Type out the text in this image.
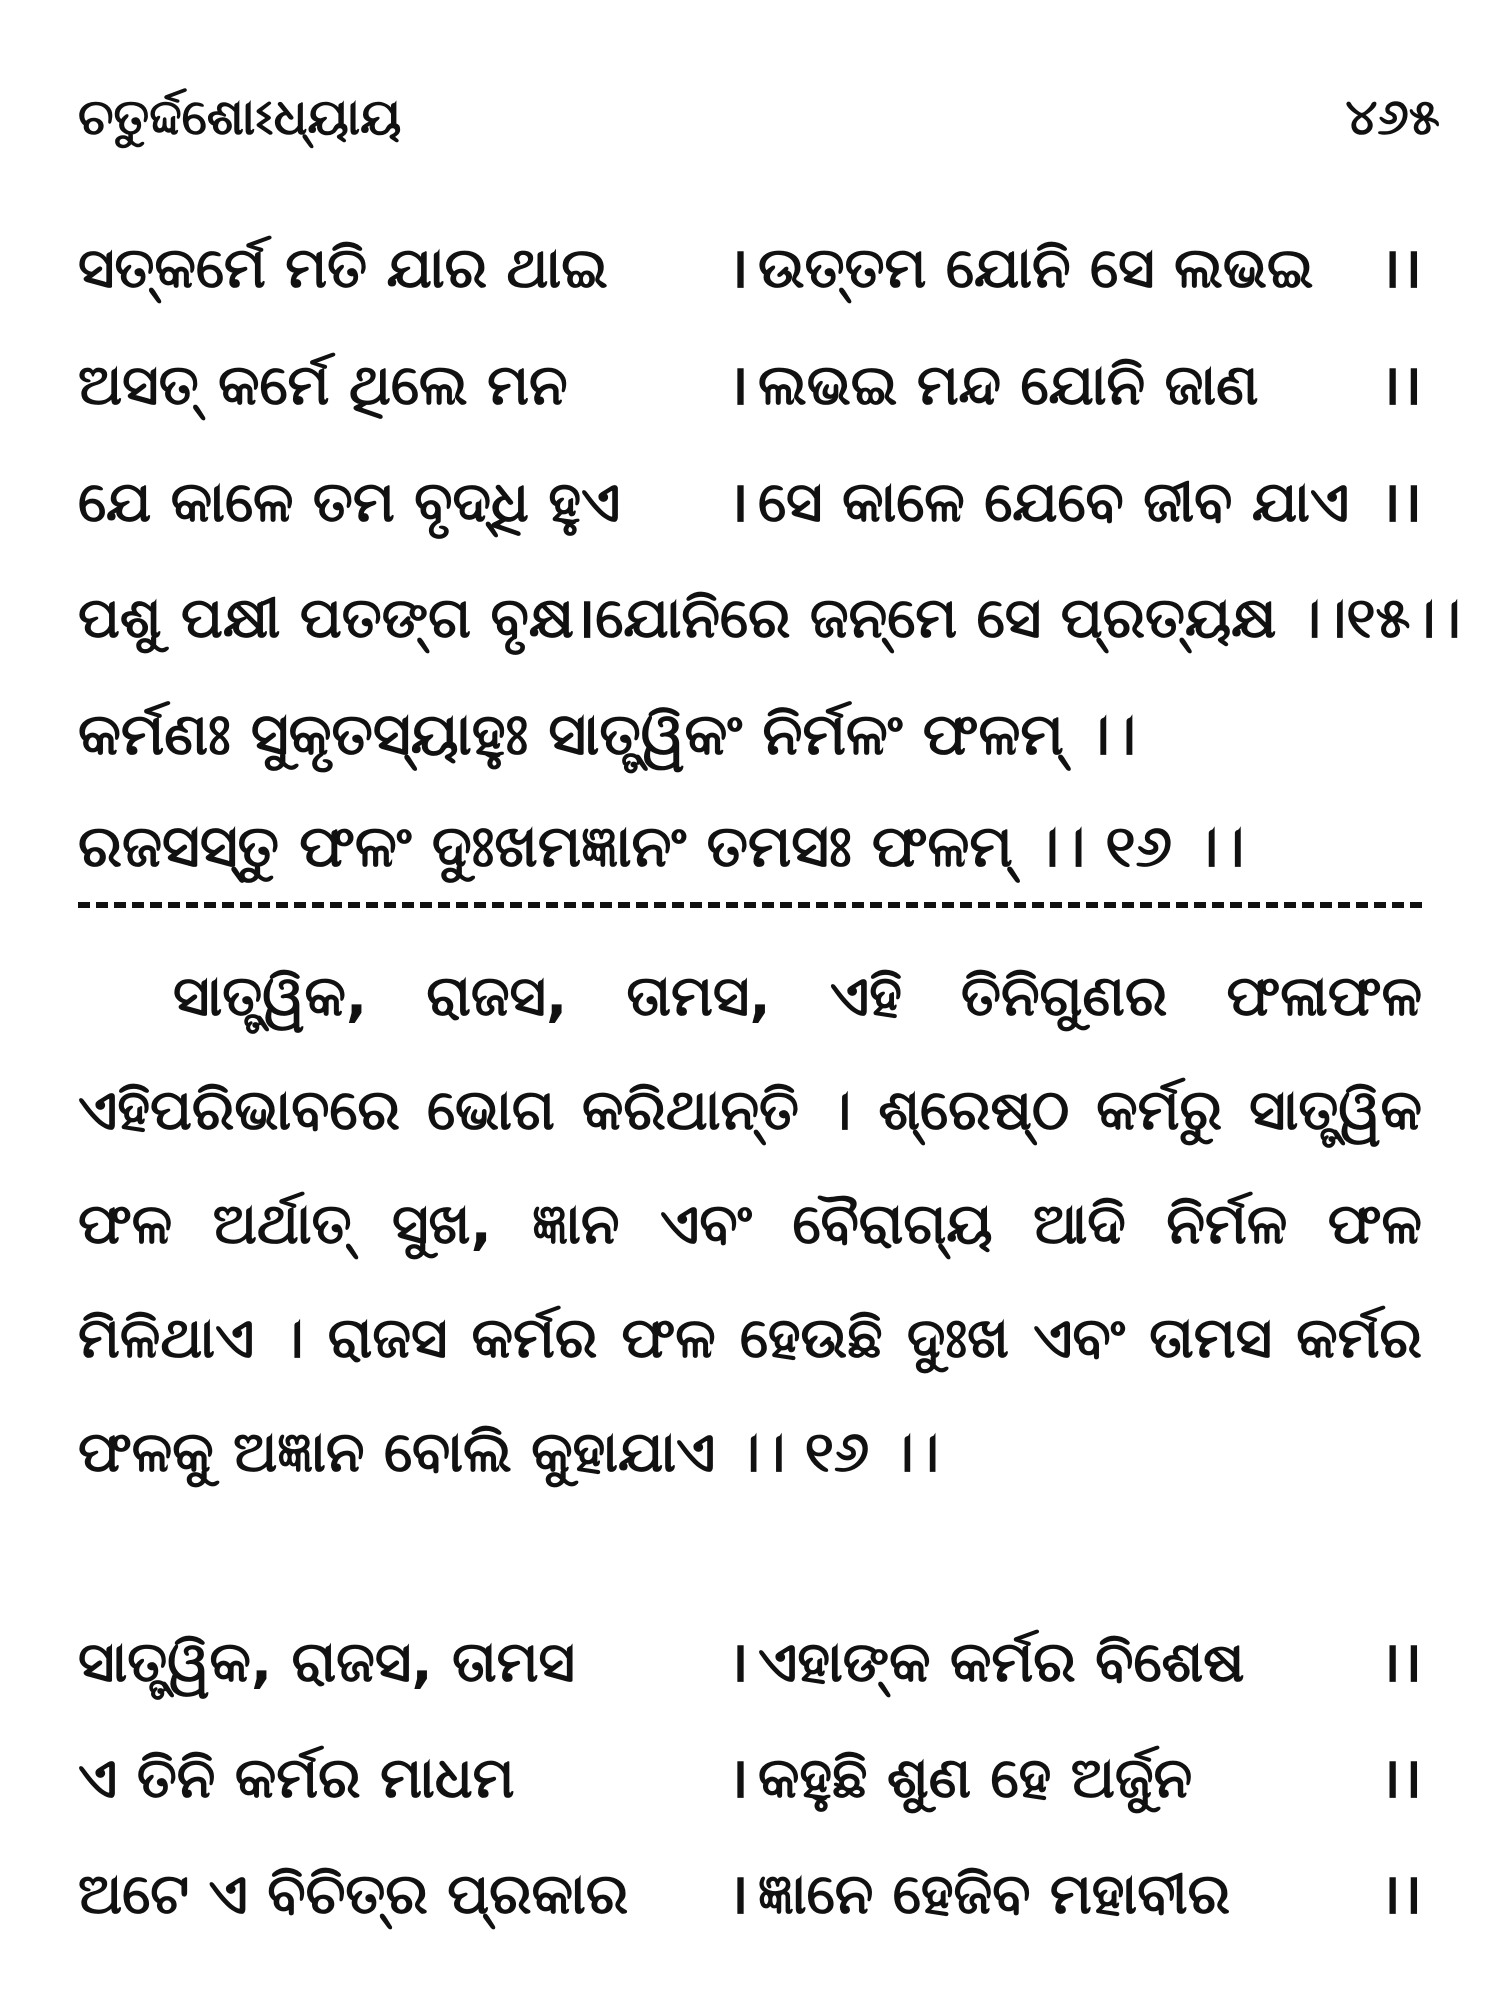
ଚତୁର୍ଦ୍ଦଶୋଽଧ୍ୟାୟ	୪୬୫
ସତ୍‌କର୍ମେ ମତି ଯାର ଥାଇ	। ଉତ୍ତମ ଯୋନି ସେ ଲଭଇ	।।
ଅସତ୍ କର୍ମେ ଥିଲେ ମନ	। ଲଭଇ ମନ୍ଦ ଯୋନି ଜାଣ	।।
ଯେ କାଳେ ତମ ବୃଦ୍ଧି ହୁଏ	। ସେ କାଳେ ଯେବେ ଜୀବ ଯାଏ ।।
ପଶୁ ପକ୍ଷୀ ପତଙ୍ଗ ବୃକ୍ଷ । ଯୋନିରେ ଜନ୍ମେ ସେ ପ୍ରତ୍ୟକ୍ଷ ।।୧୫।।
କର୍ମଣଃ ସୁକୃତସ୍ୟାହୁଃ ସାତ୍ତ୍ୱିକଂ ନିର୍ମଳଂ ଫଳମ୍ ।।
ରଜସସ୍ତୁ ଫଳଂ ଦୁଃଖମଜ୍ଞାନଂ ତମସଃ ଫଳମ୍ ।। ୧୬ ।।
ସାତ୍ତ୍ୱିକ, ରାଜସ, ତାମସ, ଏହି ତିନିଗୁଣର ଫଳାଫଳ ଏହିପରିଭାବରେ ଭୋଗ କରିଥାନ୍ତି । ଶ୍ରେଷ୍ଠ କର୍ମରୁ ସାତ୍ତ୍ୱିକ ଫଳ ଅର୍ଥାତ୍ ସୁଖ, ଜ୍ଞାନ ଏବଂ ବୈରାଗ୍ୟ ଆଦି ନିର୍ମଳ ଫଳ ମିଳିଥାଏ । ରାଜସ କର୍ମର ଫଳ ହେଉଛି ଦୁଃଖ ଏବଂ ତାମସ କର୍ମର ଫଳକୁ ଅଜ୍ଞାନ ବୋଲି କୁହାଯାଏ ।। ୧୬ ।।
ସାତ୍ତ୍ୱିକ, ରାଜସ, ତାମସ	। ଏହାଙ୍କ କର୍ମର ବିଶେଷ	।।
ଏ ତିନି କର୍ମର ମାଧମ	। କହୁଛି ଶୁଣ ହେ ଅର୍ଜୁନ	।।
ଅଟେ ଏ ବିଚିତ୍ର ପ୍ରକାର	। ଜ୍ଞାନେ ହେଜିବ ମହାବୀର	।।
